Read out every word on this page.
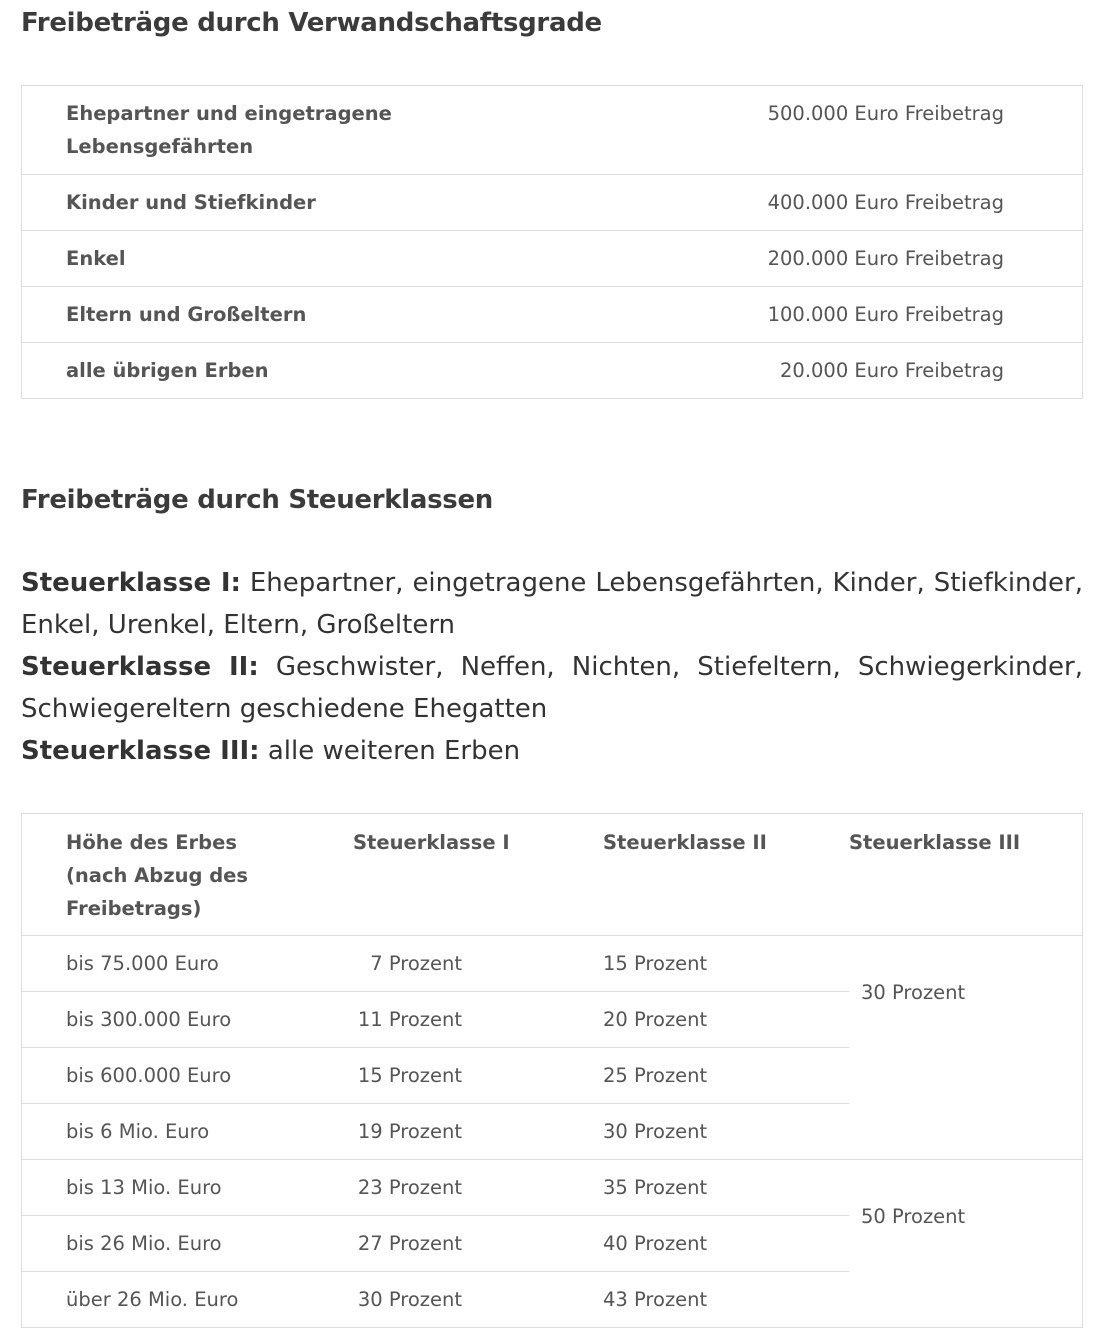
Freibeträge durch Verwandschaftsgrade
Ehepartner und eingetragene
Lebensgefährten	500.000 Euro Freibetrag
Kinder und Stiefkinder	400.000 Euro Freibetrag
Enkel	200.000 Euro Freibetrag
Eltern und Großeltern	100.000 Euro Freibetrag
alle übrigen Erben	20.000 Euro Freibetrag
Freibeträge durch Steuerklassen

Steuerklasse I: Ehepartner, eingetragene Lebensgefährten, Kinder, Stiefkinder, Enkel, Urenkel, Eltern, Großeltern
Steuerklasse II: Geschwister, Neffen, Nichten, Stiefeltern, Schwiegerkinder, Schwiegereltern geschiedene Ehegatten
Steuerklasse III: alle weiteren Erben

Höhe des Erbes
(nach Abzug des
Freibetrags)	Steuerklasse I	Steuerklasse II	Steuerklasse III
bis 75.000 Euro	7 Prozent	15 Prozent	30 Prozent
bis 300.000 Euro	11 Prozent	20 Prozent	
bis 600.000 Euro	15 Prozent	25 Prozent	
bis 6 Mio. Euro	19 Prozent	30 Prozent	
bis 13 Mio. Euro	23 Prozent	35 Prozent	50 Prozent
bis 26 Mio. Euro	27 Prozent	40 Prozent	
über 26 Mio. Euro	30 Prozent	43 Prozent	
